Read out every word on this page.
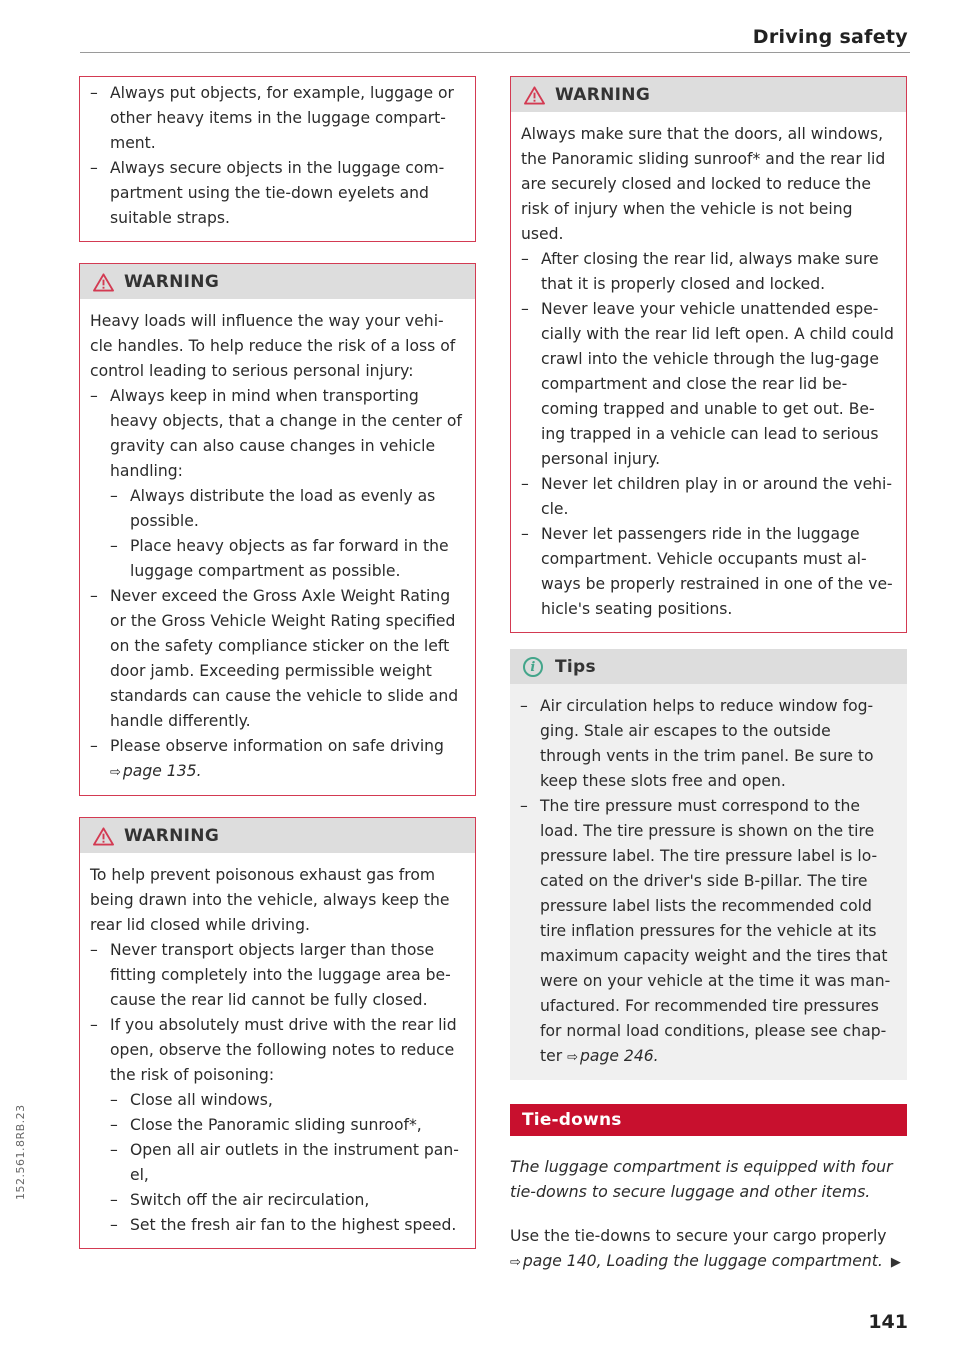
Driving safety

– Always put objects, for example, luggage or other heavy items in the luggage compart-ment.

– Always secure objects in the luggage com-partment using the tie-down eyelets and suitable straps.

WARNING

Heavy loads will influence the way your vehi-cle handles. To help reduce the risk of a loss of control leading to serious personal injury:

– Always keep in mind when transporting heavy objects, that a change in the center of gravity can also cause changes in vehicle handling:

– Always distribute the load as evenly as possible.

– Place heavy objects as far forward in the luggage compartment as possible.

– Never exceed the Gross Axle Weight Rating or the Gross Vehicle Weight Rating specified on the safety compliance sticker on the left door jamb. Exceeding permissible weight standards can cause the vehicle to slide and handle differently.

– Please observe information on safe driving
⇨ page 135.

WARNING

To help prevent poisonous exhaust gas from being drawn into the vehicle, always keep the rear lid closed while driving.

– Never transport objects larger than those fitting completely into the luggage area be-cause the rear lid cannot be fully closed.

– If you absolutely must drive with the rear lid open, observe the following notes to reduce the risk of poisoning:

– Close all windows,

– Close the Panoramic sliding sunroof*,

– Open all air outlets in the instrument pan-el,

– Switch off the air recirculation,

– Set the fresh air fan to the highest speed.

WARNING

Always make sure that the doors, all windows, the Panoramic sliding sunroof* and the rear lid are securely closed and locked to reduce the risk of injury when the vehicle is not being used.

– After closing the rear lid, always make sure that it is properly closed and locked.

– Never leave your vehicle unattended espe-cially with the rear lid left open. A child could crawl into the vehicle through the lug-gage compartment and close the rear lid be-coming trapped and unable to get out. Be-ing trapped in a vehicle can lead to serious personal injury.

– Never let children play in or around the vehi-cle.

– Never let passengers ride in the luggage compartment. Vehicle occupants must al-ways be properly restrained in one of the ve-hicle's seating positions.

i	Tips

– Air circulation helps to reduce window fog-ging. Stale air escapes to the outside through vents in the trim panel. Be sure to keep these slots free and open.

– The tire pressure must correspond to the load. The tire pressure is shown on the tire pressure label. The tire pressure label is lo-cated on the driver's side B-pillar. The tire pressure label lists the recommended cold tire inflation pressures for the vehicle at its maximum capacity weight and the tires that were on your vehicle at the time it was man-ufactured. For recommended tire pressures for normal load conditions, please see chap-ter ⇨ page 246.

Tie-downs

The luggage compartment is equipped with four tie-downs to secure luggage and other items.

Use the tie-downs to secure your cargo properly
⇨ page 140, Loading the luggage compartment. ▶

141
152.561.8RB.23
